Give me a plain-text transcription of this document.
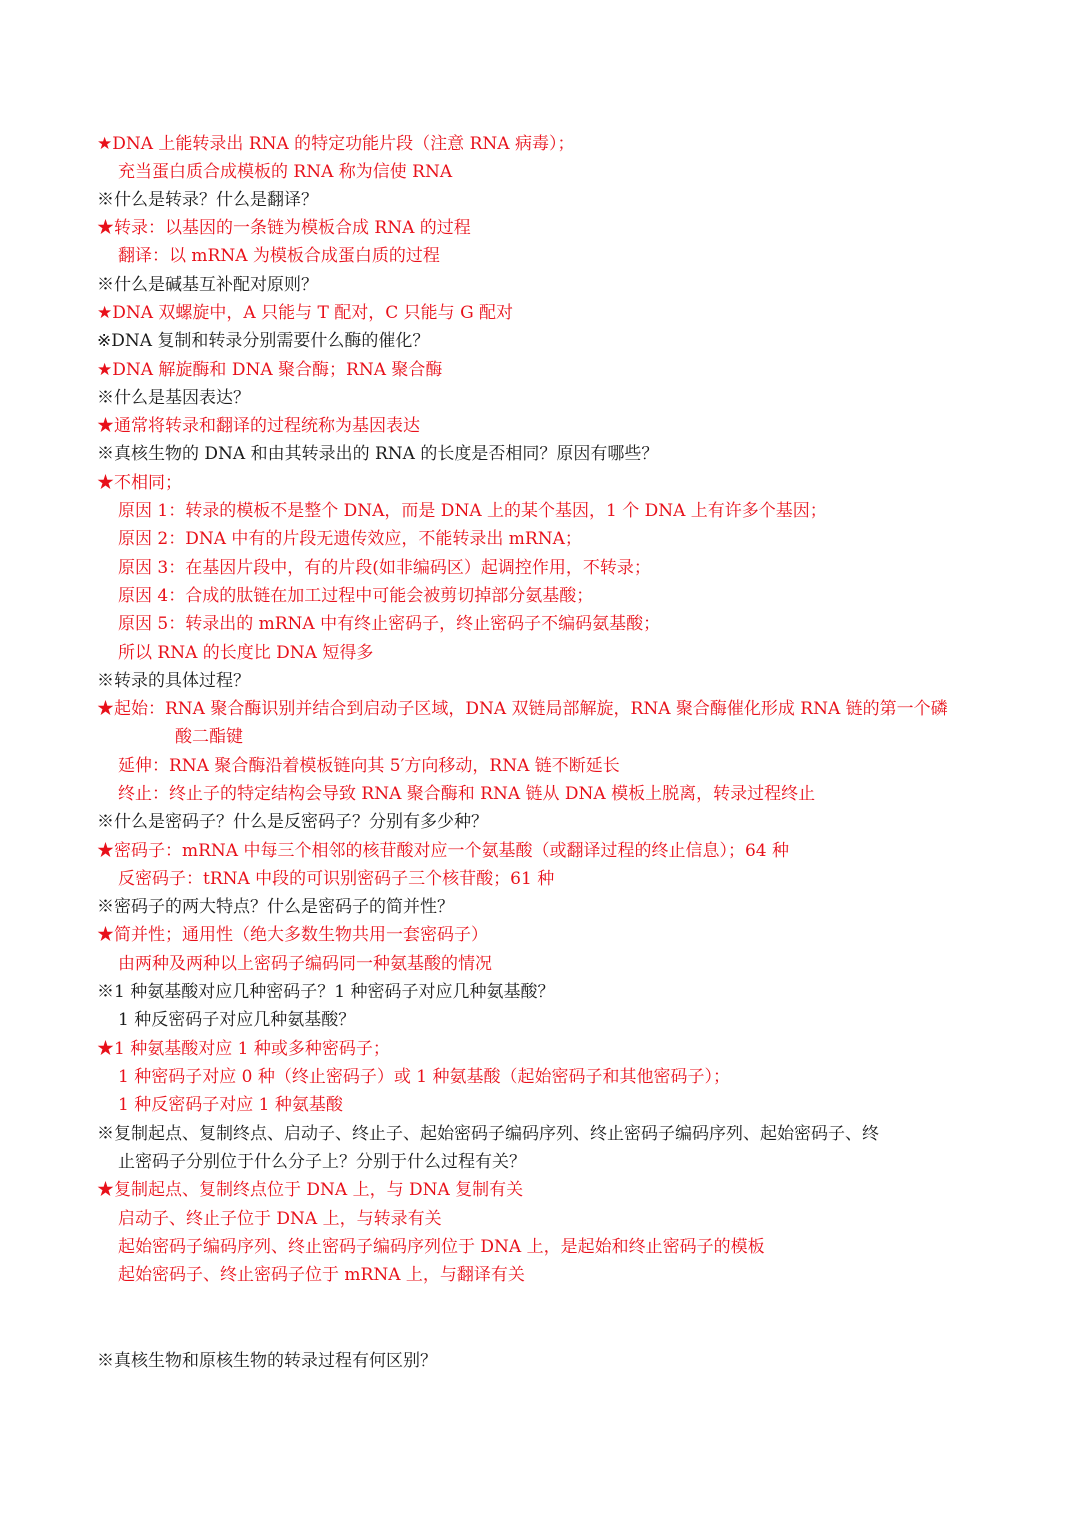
★DNA 上能转录出 RNA 的特定功能片段（注意 RNA 病毒）；
充当蛋白质合成模板的 RNA 称为信使 RNA
※什么是转录？什么是翻译？
★转录：以基因的一条链为模板合成 RNA 的过程
翻译：以 mRNA 为模板合成蛋白质的过程
※什么是碱基互补配对原则？
★DNA 双螺旋中，A 只能与 T 配对，C 只能与 G 配对
※DNA 复制和转录分别需要什么酶的催化？
★DNA 解旋酶和 DNA 聚合酶；RNA 聚合酶
※什么是基因表达？
★通常将转录和翻译的过程统称为基因表达
※真核生物的 DNA 和由其转录出的 RNA 的长度是否相同？原因有哪些？
★不相同；
原因 1：转录的模板不是整个 DNA，而是 DNA 上的某个基因，1 个 DNA 上有许多个基因；
原因 2：DNA 中有的片段无遗传效应，不能转录出 mRNA；
原因 3：在基因片段中，有的片段(如非编码区）起调控作用，不转录；
原因 4：合成的肽链在加工过程中可能会被剪切掉部分氨基酸；
原因 5：转录出的 mRNA 中有终止密码子，终止密码子不编码氨基酸；
所以 RNA 的长度比 DNA 短得多
※转录的具体过程？
★起始：RNA 聚合酶识别并结合到启动子区域，DNA 双链局部解旋，RNA 聚合酶催化形成 RNA 链的第一个磷
酸二酯键
延伸：RNA 聚合酶沿着模板链向其 5′方向移动，RNA 链不断延长
终止：终止子的特定结构会导致 RNA 聚合酶和 RNA 链从 DNA 模板上脱离，转录过程终止
※什么是密码子？什么是反密码子？分别有多少种？
★密码子：mRNA 中每三个相邻的核苷酸对应一个氨基酸（或翻译过程的终止信息）；64 种
反密码子：tRNA 中段的可识别密码子三个核苷酸；61 种
※密码子的两大特点？什么是密码子的简并性？
★简并性；通用性（绝大多数生物共用一套密码子）
由两种及两种以上密码子编码同一种氨基酸的情况
※1 种氨基酸对应几种密码子？1 种密码子对应几种氨基酸？
1 种反密码子对应几种氨基酸？
★1 种氨基酸对应 1 种或多种密码子；
1 种密码子对应 0 种（终止密码子）或 1 种氨基酸（起始密码子和其他密码子）；
1 种反密码子对应 1 种氨基酸
※复制起点、复制终点、启动子、终止子、起始密码子编码序列、终止密码子编码序列、起始密码子、终
止密码子分别位于什么分子上？分别于什么过程有关？
★复制起点、复制终点位于 DNA 上，与 DNA 复制有关
启动子、终止子位于 DNA 上，与转录有关
起始密码子编码序列、终止密码子编码序列位于 DNA 上，是起始和终止密码子的模板
起始密码子、终止密码子位于 mRNA 上，与翻译有关
※真核生物和原核生物的转录过程有何区别？
